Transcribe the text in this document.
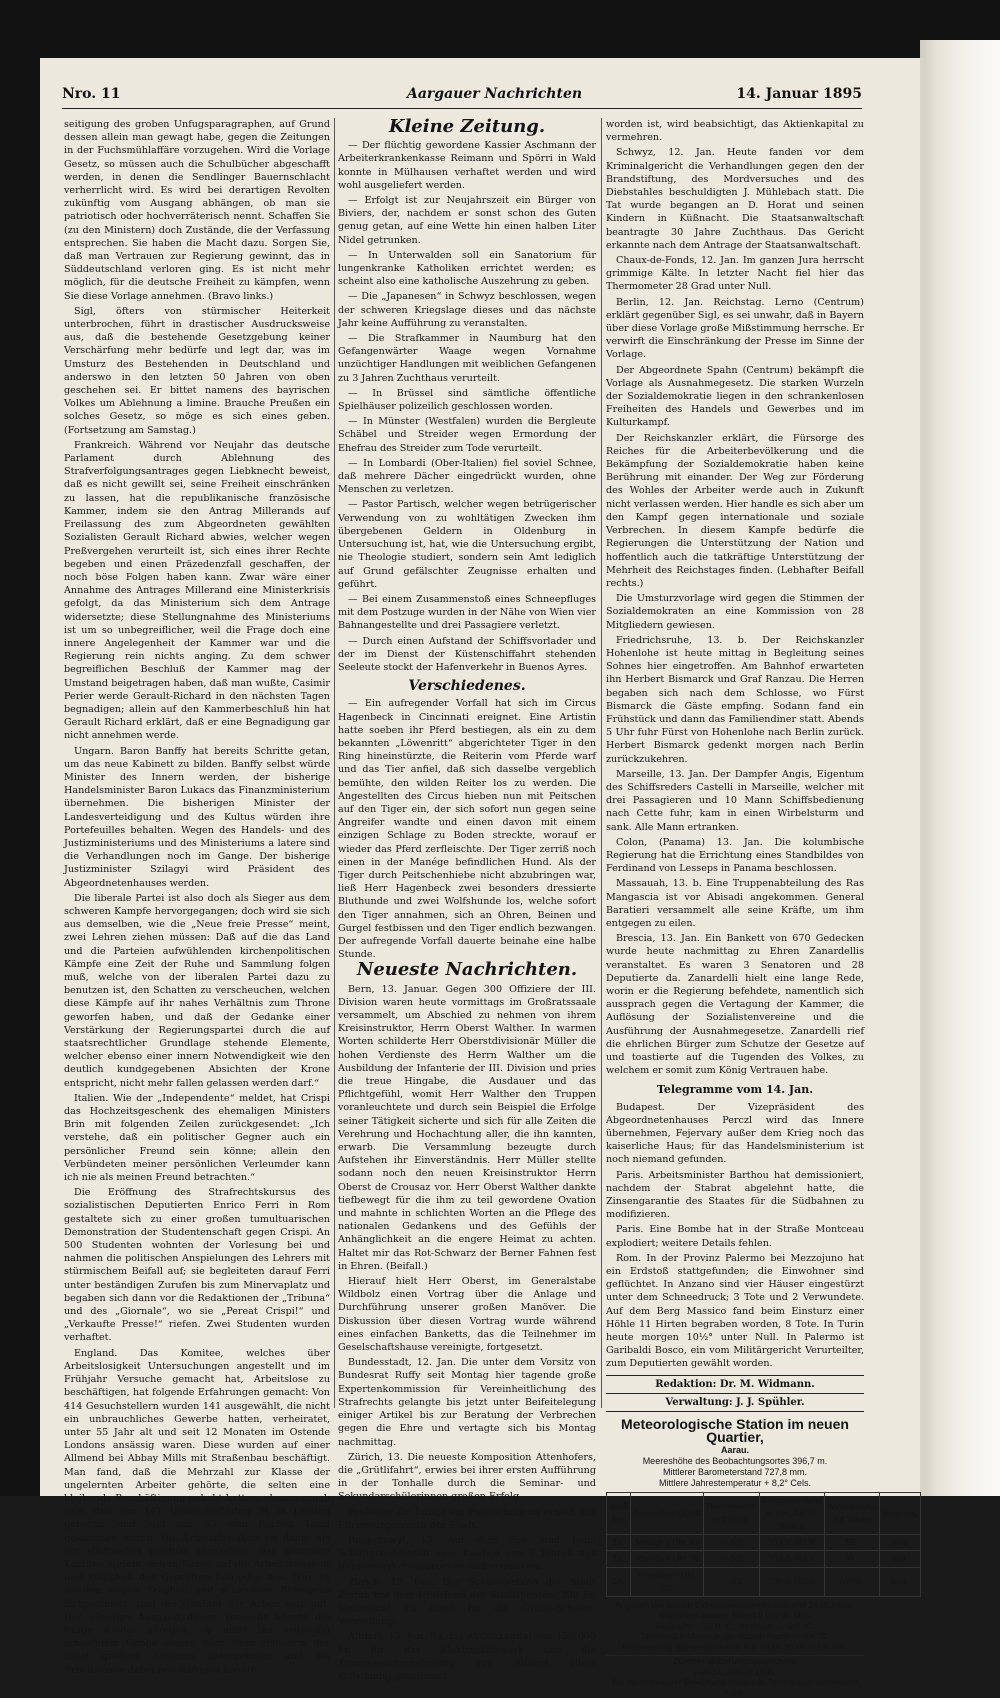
Nro. 11	Aargauer Nachrichten	14. Januar 1895

seitigung des groben Unfugsparagraphen, auf Grund dessen allein man gewagt habe, gegen die Zeitungen in der Fuchsmühlaffäre vorzugehen. Wird die Vorlage Gesetz, so müssen auch die Schulbücher abgeschafft werden, in denen die Sendlinger Bauernschlacht verherrlicht wird. Es wird bei derartigen Revolten zukünftig vom Ausgang abhängen, ob man sie patriotisch oder hochverräterisch nennt. Schaffen Sie (zu den Ministern) doch Zustände, die der Verfassung entsprechen. Sie haben die Macht dazu. Sorgen Sie, daß man Vertrauen zur Regierung gewinnt, das in Süddeutschland verloren ging. Es ist nicht mehr möglich, für die deutsche Freiheit zu kämpfen, wenn Sie diese Vorlage annehmen. (Bravo links.)

Sigl, öfters von stürmischer Heiterkeit unterbrochen, führt in drastischer Ausdrucksweise aus, daß die bestehende Gesetzgebung keiner Verschärfung mehr bedürfe und legt dar, was im Umsturz des Bestehenden in Deutschland und anderswo in den letzten 50 Jahren von oben geschehen sei. Er bittet namens des bayrischen Volkes um Ablehnung a limine. Brauche Preußen ein solches Gesetz, so möge es sich eines geben. (Fortsetzung am Samstag.)

Frankreich. Während vor Neujahr das deutsche Parlament durch Ablehnung des Strafverfolgungsantrages gegen Liebknecht beweist, daß es nicht gewillt sei, seine Freiheit einschränken zu lassen, hat die republikanische französische Kammer, indem sie den Antrag Millerands auf Freilassung des zum Abgeordneten gewählten Sozialisten Gerault Richard abwies, welcher wegen Preßvergehen verurteilt ist, sich eines ihrer Rechte begeben und einen Präzedenzfall geschaffen, der noch böse Folgen haben kann. Zwar wäre einer Annahme des Antrages Millerand eine Ministerkrisis gefolgt, da das Ministerium sich dem Antrage widersetzte; diese Stellungnahme des Ministeriums ist um so unbegreiflicher, weil die Frage doch eine innere Angelegenheit der Kammer war und die Regierung rein nichts anging. Zu dem schwer begreiflichen Beschluß der Kammer mag der Umstand beigetragen haben, daß man wußte, Casimir Perier werde Gerault-Richard in den nächsten Tagen begnadigen; allein auf den Kammerbeschluß hin hat Gerault Richard erklärt, daß er eine Begnadigung gar nicht annehmen werde.

Ungarn. Baron Banffy hat bereits Schritte getan, um das neue Kabinett zu bilden. Banffy selbst würde Minister des Innern werden, der bisherige Handelsminister Baron Lukacs das Finanzministerium übernehmen. Die bisherigen Minister der Landesverteidigung und des Kultus würden ihre Portefeuilles behalten. Wegen des Handels- und des Justizministeriums und des Ministeriums a latere sind die Verhandlungen noch im Gange. Der bisherige Justizminister Szilagyi wird Präsident des Abgeordnetenhauses werden.

Die liberale Partei ist also doch als Sieger aus dem schweren Kampfe hervorgegangen; doch wird sie sich aus demselben, wie die „Neue freie Presse“ meint, zwei Lehren ziehen müssen: Daß auf die das Land und die Parteien aufwühlenden kirchenpolitischen Kämpfe eine Zeit der Ruhe und Sammlung folgen muß, welche von der liberalen Partei dazu zu benutzen ist, den Schatten zu verscheuchen, welchen diese Kämpfe auf ihr nahes Verhältnis zum Throne geworfen haben, und daß der Gedanke einer Verstärkung der Regierungspartei durch die auf staatsrechtlicher Grundlage stehende Elemente, welcher ebenso einer innern Notwendigkeit wie den deutlich kundgegebenen Absichten der Krone entspricht, nicht mehr fallen gelassen werden darf.“

Italien. Wie der „Independente“ meldet, hat Crispi das Hochzeitsgeschenk des ehemaligen Ministers Brin mit folgenden Zeilen zurückgesendet: „Ich verstehe, daß ein politischer Gegner auch ein persönlicher Freund sein könne; allein den Verbündeten meiner persönlichen Verleumder kann ich nie als meinen Freund betrachten.“

Die Eröffnung des Strafrechtskursus des sozialistischen Deputierten Enrico Ferri in Rom gestaltete sich zu einer großen tumultuarischen Demonstration der Studentenschaft gegen Crispi. An 500 Studenten wohnten der Vorlesung bei und nahmen die politischen Anspielungen des Lehrers mit stürmischem Beifall auf; sie begleiteten darauf Ferri unter beständigen Zurufen bis zum Minervaplatz und begaben sich dann vor die Redaktionen der „Tribuna“ und des „Giornale“, wo sie „Pereat Crispi!“ und „Verkaufte Presse!“ riefen. Zwei Studenten wurden verhaftet.

England. Das Komitee, welches über Arbeitslosigkeit Untersuchungen angestellt und im Frühjahr Versuche gemacht hat, Arbeitslose zu beschäftigen, hat folgende Erfahrungen gemacht: Von 414 Gesuchstellern wurden 141 ausgewählt, die nicht ein unbrauchliches Gewerbe hatten, verheiratet, unter 55 Jahr alt und seit 12 Monaten im Ostende Londons ansässig waren. Diese wurden auf einer Allmend bei Abbay Mills mit Straßenbau beschäftigt. Man fand, daß die Mehrzahl zur Klasse der ungelernten Arbeiter gehörte, die selten eine bleibende Beschäftigung gehabt hatten; ebenso ergab sich, daß von 141 Unbeschäftigten 94 in London geboren sind und nur 33 vom flachen Land gekommen waren. Die Arbeitslosigkeit sei daher als ein städtisches Produkt anzusehen. Das genannte Komitee spricht sich in Bezug auf die Arbeitslosigkeit und Willigkeit der Geprüften befriedigt aus. Nur 14 wurden wegen Trägheit und schlechten Betragens fortgeschickt, und die Qualität der Arbeit war gut. Der günstige Ausgang dieses Versuchs könnte die Frage wieder anregen, ob nicht bei zeitweilig schlechtem Gange dieser oder jener Industrie der Staat größere Arbeiten unternehmen und die Arbeitslosen dabei beschäftigen könnte.

Kleine Zeitung.

— Der flüchtig gewordene Kassier Aschmann der Arbeiterkrankenkasse Reimann und Spörri in Wald konnte in Mülhausen verhaftet werden und wird wohl ausgeliefert werden.

— Erfolgt ist zur Neujahrszeit ein Bürger von Biviers, der, nachdem er sonst schon des Guten genug getan, auf eine Wette hin einen halben Liter Nidel getrunken.

— In Unterwalden soll ein Sanatorium für lungenkranke Katholiken errichtet werden; es scheint also eine katholische Auszehrung zu geben.

— Die „Japanesen“ in Schwyz beschlossen, wegen der schweren Kriegslage dieses und das nächste Jahr keine Aufführung zu veranstalten.

— Die Strafkammer in Naumburg hat den Gefangenwärter Waage wegen Vornahme unzüchtiger Handlungen mit weiblichen Gefangenen zu 3 Jahren Zuchthaus verurteilt.

— In Brüssel sind sämtliche öffentliche Spielhäuser polizeilich geschlossen worden.

— In Münster (Westfalen) wurden die Bergleute Schäbel und Streider wegen Ermordung der Ehefrau des Streider zum Tode verurteilt.

— In Lombardi (Ober-Italien) fiel soviel Schnee, daß mehrere Dächer eingedrückt wurden, ohne Menschen zu verletzen.

— Pastor Partisch, welcher wegen betrügerischer Verwendung von zu wohltätigen Zwecken ihm übergebenen Geldern in Oldenburg in Untersuchung ist, hat, wie die Untersuchung ergibt, nie Theologie studiert, sondern sein Amt lediglich auf Grund gefälschter Zeugnisse erhalten und geführt.

— Bei einem Zusammenstoß eines Schneepfluges mit dem Postzuge wurden in der Nähe von Wien vier Bahnangestellte und drei Passagiere verletzt.

— Durch einen Aufstand der Schiffsvorlader und der im Dienst der Küstenschiffahrt stehenden Seeleute stockt der Hafenverkehr in Buenos Ayres.

Verschiedenes.

— Ein aufregender Vorfall hat sich im Circus Hagenbeck in Cincinnati ereignet. Eine Artistin hatte soeben ihr Pferd bestiegen, als ein zu dem bekannten „Löwenritt“ abgerichteter Tiger in den Ring hineinstürzte, die Reiterin vom Pferde warf und das Tier anfiel, daß sich dasselbe vergeblich bemühte, den wilden Reiter los zu werden. Die Angestellten des Circus hieben nun mit Peitschen auf den Tiger ein, der sich sofort nun gegen seine Angreifer wandte und einen davon mit einem einzigen Schlage zu Boden streckte, worauf er wieder das Pferd zerfleischte. Der Tiger zerriß noch einen in der Manége befindlichen Hund. Als der Tiger durch Peitschenhiebe nicht abzubringen war, ließ Herr Hagenbeck zwei besonders dressierte Bluthunde und zwei Wolfshunde los, welche sofort den Tiger annahmen, sich an Ohren, Beinen und Gurgel festbissen und den Tiger endlich bezwangen. Der aufregende Vorfall dauerte beinahe eine halbe Stunde.

Neueste Nachrichten.

Bern, 13. Januar. Gegen 300 Offiziere der III. Division waren heute vormittags im Großratssaale versammelt, um Abschied zu nehmen von ihrem Kreisinstruktor, Herrn Oberst Walther. In warmen Worten schilderte Herr Oberstdivisionär Müller die hohen Verdienste des Herrn Walther um die Ausbildung der Infanterie der III. Division und pries die treue Hingabe, die Ausdauer und das Pflichtgefühl, womit Herr Walther den Truppen voranleuchtete und durch sein Beispiel die Erfolge seiner Tätigkeit sicherte und sich für alle Zeiten die Verehrung und Hochachtung aller, die ihn kannten, erwarb. Die Versammlung bezeugte durch Aufstehen ihr Einverständnis. Herr Müller stellte sodann noch den neuen Kreisinstruktor Herrn Oberst de Crousaz vor. Herr Oberst Walther dankte tiefbewegt für die ihm zu teil gewordene Ovation und mahnte in schlichten Worten an die Pflege des nationalen Gedankens und des Gefühls der Anhänglichkeit an die engere Heimat zu achten. Haltet mir das Rot-Schwarz der Berner Fahnen fest in Ehren. (Beifall.)

Hierauf hielt Herr Oberst, im Generalstabe Wildbolz einen Vortrag über die Anlage und Durchführung unserer großen Manöver. Die Diskussion über diesen Vortrag wurde während eines einfachen Banketts, das die Teilnehmer im Geselschaftshause vereinigte, fortgesetzt.

Bundesstadt, 12. Jan. Die unter dem Vorsitz von Bundesrat Ruffy seit Montag hier tagende große Expertenkommission für Vereinheitlichung des Strafrechts gelangte bis jetzt unter Beifeitelegung einiger Artikel bis zur Beratung der Verbrechen gegen die Ehre und vertagte sich bis Montag nachmittag.

Zürich, 13. Die neueste Komposition Attenhofers, die „Grütlifahrt“, erwies bei ihrer ersten Aufführung in der Tonhalle durch die Seminar- und Sekundarschülerinnen großen Erfolg.

Professor Dr. Lunge am Polytechnikum erhielt das Ehrenbürgerrecht der Stadt.

Rapperswyl, 13. Auf dem See sind beim Schlittschuhlaufen zwei Knaben von 7 Jahren aus Rapperswyl eingebrochen und ertrunken.

Zürich, 13. Dez. Der Schulvorstand der Stadt Zürich hat dem Hülfsfond des Stadttheaters 300 Fr. übermacht als Dank für die Gratis-Schüler-Vorstellung.

Altdorf, 13. Jan. Da das Aktienkapital von 150,000 Fr. für das Elektrizitätswerk und die Tramwayunternehmung von Altdorf allein vollständig gezeichnet

worden ist, wird beabsichtigt, das Aktienkapital zu vermehren.

Schwyz, 12. Jan. Heute fanden vor dem Kriminalgericht die Verhandlungen gegen den der Brandstiftung, des Mordversuches und des Diebstahles beschuldigten J. Mühlebach statt. Die Tat wurde begangen an D. Horat und seinen Kindern in Küßnacht. Die Staatsanwaltschaft beantragte 30 Jahre Zuchthaus. Das Gericht erkannte nach dem Antrage der Staatsanwaltschaft.

Chaux-de-Fonds, 12. Jan. Im ganzen Jura herrscht grimmige Kälte. In letzter Nacht fiel hier das Thermometer 28 Grad unter Null.

Berlin, 12. Jan. Reichstag. Lerno (Centrum) erklärt gegenüber Sigl, es sei unwahr, daß in Bayern über diese Vorlage große Mißstimmung herrsche. Er verwirft die Einschränkung der Presse im Sinne der Vorlage.

Der Abgeordnete Spahn (Centrum) bekämpft die Vorlage als Ausnahmegesetz. Die starken Wurzeln der Sozialdemokratie liegen in den schrankenlosen Freiheiten des Handels und Gewerbes und im Kulturkampf.

Der Reichskanzler erklärt, die Fürsorge des Reiches für die Arbeiterbevölkerung und die Bekämpfung der Sozialdemokratie haben keine Berührung mit einander. Der Weg zur Förderung des Wohles der Arbeiter werde auch in Zukunft nicht verlassen werden. Hier handle es sich aber um den Kampf gegen internationale und soziale Verbrechen. In diesem Kampfe bedürfe die Regierungen die Unterstützung der Nation und hoffentlich auch die tatkräftige Unterstützung der Mehrheit des Reichstages finden. (Lebhafter Beifall rechts.)

Die Umsturzvorlage wird gegen die Stimmen der Sozialdemokraten an eine Kommission von 28 Mitgliedern gewiesen.

Friedrichsruhe, 13. b. Der Reichskanzler Hohenlohe ist heute mittag in Begleitung seines Sohnes hier eingetroffen. Am Bahnhof erwarteten ihn Herbert Bismarck und Graf Ranzau. Die Herren begaben sich nach dem Schlosse, wo Fürst Bismarck die Gäste empfing. Sodann fand ein Frühstück und dann das Familiendiner statt. Abends 5 Uhr fuhr Fürst von Hohenlohe nach Berlin zurück. Herbert Bismarck gedenkt morgen nach Berlin zurückzukehren.

Marseille, 13. Jan. Der Dampfer Angis, Eigentum des Schiffsreders Castelli in Marseille, welcher mit drei Passagieren und 10 Mann Schiffsbedienung nach Cette fuhr, kam in einen Wirbelsturm und sank. Alle Mann ertranken.

Colon, (Panama) 13. Jan. Die kolumbische Regierung hat die Errichtung eines Standbildes von Ferdinand von Lesseps in Panama beschlossen.

Massauah, 13. b. Eine Truppenabteilung des Ras Mangascia ist vor Abisadi angekommen. General Baratieri versammelt alle seine Kräfte, um ihm entgegen zu eilen.

Brescia, 13. Jan. Ein Bankett von 670 Gedecken wurde heute nachmittag zu Ehren Zanardellis veranstaltet. Es waren 3 Senatoren und 28 Deputierte da. Zanardelli hielt eine lange Rede, worin er die Regierung befehdete, namentlich sich aussprach gegen die Vertagung der Kammer, die Auflösung der Sozialistenvereine und die Ausführung der Ausnahmegesetze. Zanardelli rief die ehrlichen Bürger zum Schutze der Gesetze auf und toastierte auf die Tugenden des Volkes, zu welchem er somit zum König Vertrauen habe.

Telegramme vom 14. Jan.

Budapest. Der Vizepräsident des Abgeordnetenhauses Perczl wird das Innere übernehmen, Fejervary außer dem Krieg noch das kaiserliche Haus; für das Handelsministerium ist noch niemand gefunden.

Paris. Arbeitsminister Barthou hat demissioniert, nachdem der Stabrat abgelehnt hatte, die Zinsengarantie des Staates für die Südbahnen zu modifizieren.

Paris. Eine Bombe hat in der Straße Montceau explodiert; weitere Details fehlen.

Rom. In der Provinz Palermo bei Mezzojuno hat ein Erdstoß stattgefunden; die Einwohner sind geflüchtet. In Anzano sind vier Häuser eingestürzt unter dem Schneedruck; 3 Tote und 2 Verwundete. Auf dem Berg Massico fand beim Einsturz einer Höhle 11 Hirten begraben worden, 8 Tote. In Turin heute morgen 10½° unter Null. In Palermo ist Garibaldi Bosco, ein vom Militärgericht Verurteilter, zum Deputierten gewählt worden.

Redaktion: Dr. M. Widmann.
Verwaltung: J. J. Spühler.
Meteorologische Station im neuen Quartier,
Aarau.
Meereshöhe des Beobachtungsortes 396,7 m.
Mittlerer Barometerstand 727,8 mm.
Mittlere Jahrestemperatur + 8,2° Cels.
1895 Jan.	Beobachtungszeit	Thermometer in Celsius	Barometerstand in mm. Auf 0° Reduz.	Windrichtung und Stärke.	Witterung
13.	Mittags 1 Uhr 30	— 6,5	714.2 751.8	SE.	bew.
13.	Abends 9 Uhr 30	— 5,5	716.5 753.6	W.	bed.
14.	Morgens 7 Uhr 30	— 4,1	716.2 753.2	NWW.	bed.
Angaben der beiden Extremthermometer während 24 Stunden, abgelesen gestern Abend 9 Uhr 30 Min.:
Minimum — 15,0 °C. Maximum — 5,5 °C.
Temperatur-Minimum der letzten Nacht — 6,6 °C.
Niederschlag, gemessen heute früh 7 Uhr 30 Min.: 1,5 mm.
Zürcher Witterungsaussichten
vom 14. Januar 1895.
Bei veränderlicher Bewölkung steigende Temperatur, strichweise Föhn.
